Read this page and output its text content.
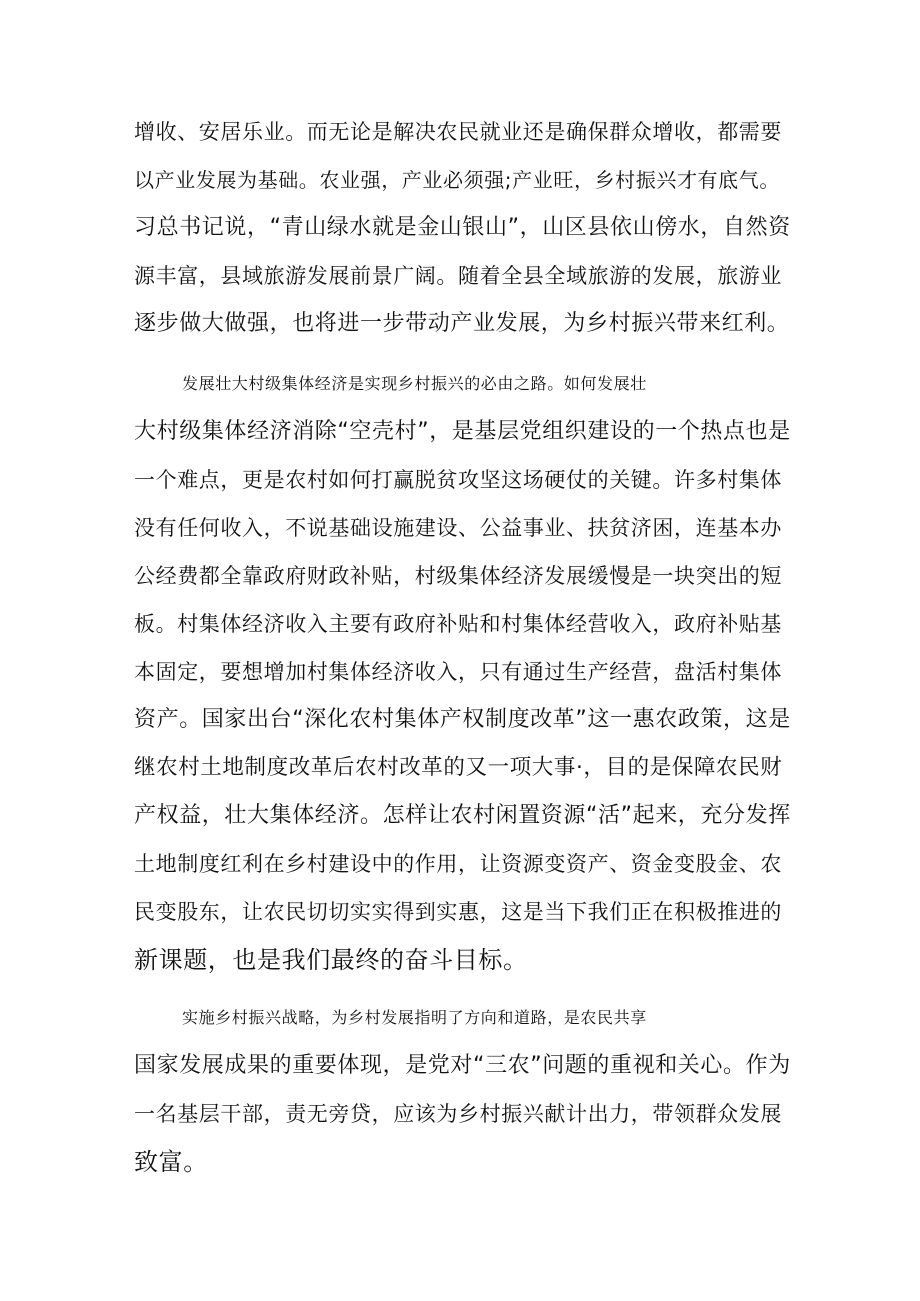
增收、安居乐业。而无论是解决农民就业还是确保群众增收，都需要
以产业发展为基础。农业强，产业必须强;产业旺，乡村振兴才有底气。
习总书记说，“青山绿水就是金山银山”，山区县依山傍水，自然资
源丰富，县域旅游发展前景广阔。随着全县全域旅游的发展，旅游业
逐步做大做强，也将进一步带动产业发展，为乡村振兴带来红利。
发展壮大村级集体经济是实现乡村振兴的必由之路。如何发展壮
大村级集体经济消除“空壳村”，是基层党组织建设的一个热点也是
一个难点，更是农村如何打赢脱贫攻坚这场硬仗的关键。许多村集体
没有任何收入，不说基础设施建设、公益事业、扶贫济困，连基本办
公经费都全靠政府财政补贴，村级集体经济发展缓慢是一块突出的短
板。村集体经济收入主要有政府补贴和村集体经营收入，政府补贴基
本固定，要想增加村集体经济收入，只有通过生产经营，盘活村集体
资产。国家出台“深化农村集体产权制度改革”这一惠农政策，这是
继农村土地制度改革后农村改革的又一项大事·，目的是保障农民财
产权益，壮大集体经济。怎样让农村闲置资源“活”起来，充分发挥
土地制度红利在乡村建设中的作用，让资源变资产、资金变股金、农
民变股东，让农民切切实实得到实惠，这是当下我们正在积极推进的
新课题，也是我们最终的奋斗目标。
实施乡村振兴战略，为乡村发展指明了方向和道路，是农民共享
国家发展成果的重要体现，是党对“三农”问题的重视和关心。作为
一名基层干部，责无旁贷，应该为乡村振兴献计出力，带领群众发展
致富。
